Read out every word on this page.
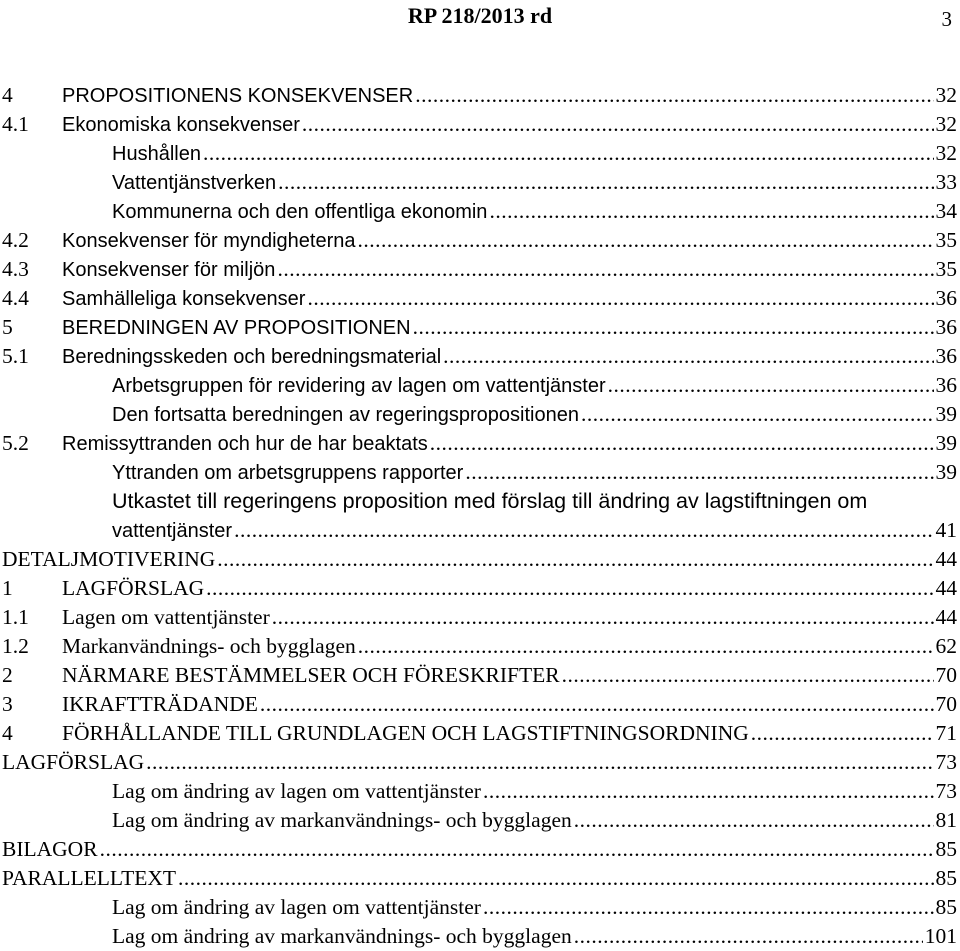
RP 218/2013 rd	3
4	PROPOSITIONENS KONSEKVENSER .....	32
4.1	Ekonomiska konsekvenser .....	32
Hushållen .....	32
Vattentjänstverken .....	33
Kommunerna och den offentliga ekonomin .....	34
4.2	Konsekvenser för myndigheterna .....	35
4.3	Konsekvenser för miljön .....	35
4.4	Samhälleliga konsekvenser .....	36
5	BEREDNINGEN AV PROPOSITIONEN .....	36
5.1	Beredningsskeden och beredningsmaterial .....	36
Arbetsgruppen för revidering av lagen om vattentjänster .....	36
Den fortsatta beredningen av regeringspropositionen .....	39
5.2	Remissyttranden och hur de har beaktats .....	39
Yttranden om arbetsgruppens rapporter .....	39
Utkastet till regeringens proposition med förslag till ändring av lagstiftningen om
vattentjänster .....	41
DETALJMOTIVERING .....	44
1	LAGFÖRSLAG .....	44
1.1	Lagen om vattentjänster .....	44
1.2	Markanvändnings- och bygglagen .....	62
2	NÄRMARE BESTÄMMELSER OCH FÖRESKRIFTER .....	70
3	IKRAFTTRÄDANDE .....	70
4	FÖRHÅLLANDE TILL GRUNDLAGEN OCH LAGSTIFTNINGSORDNING .....	71
LAGFÖRSLAG .....	73
Lag om ändring av lagen om vattentjänster .....	73
Lag om ändring av markanvändnings- och bygglagen .....	81
BILAGOR .....	85
PARALLELLTEXT .....	85
Lag om ändring av lagen om vattentjänster .....	85
Lag om ändring av markanvändnings- och bygglagen .....	101
